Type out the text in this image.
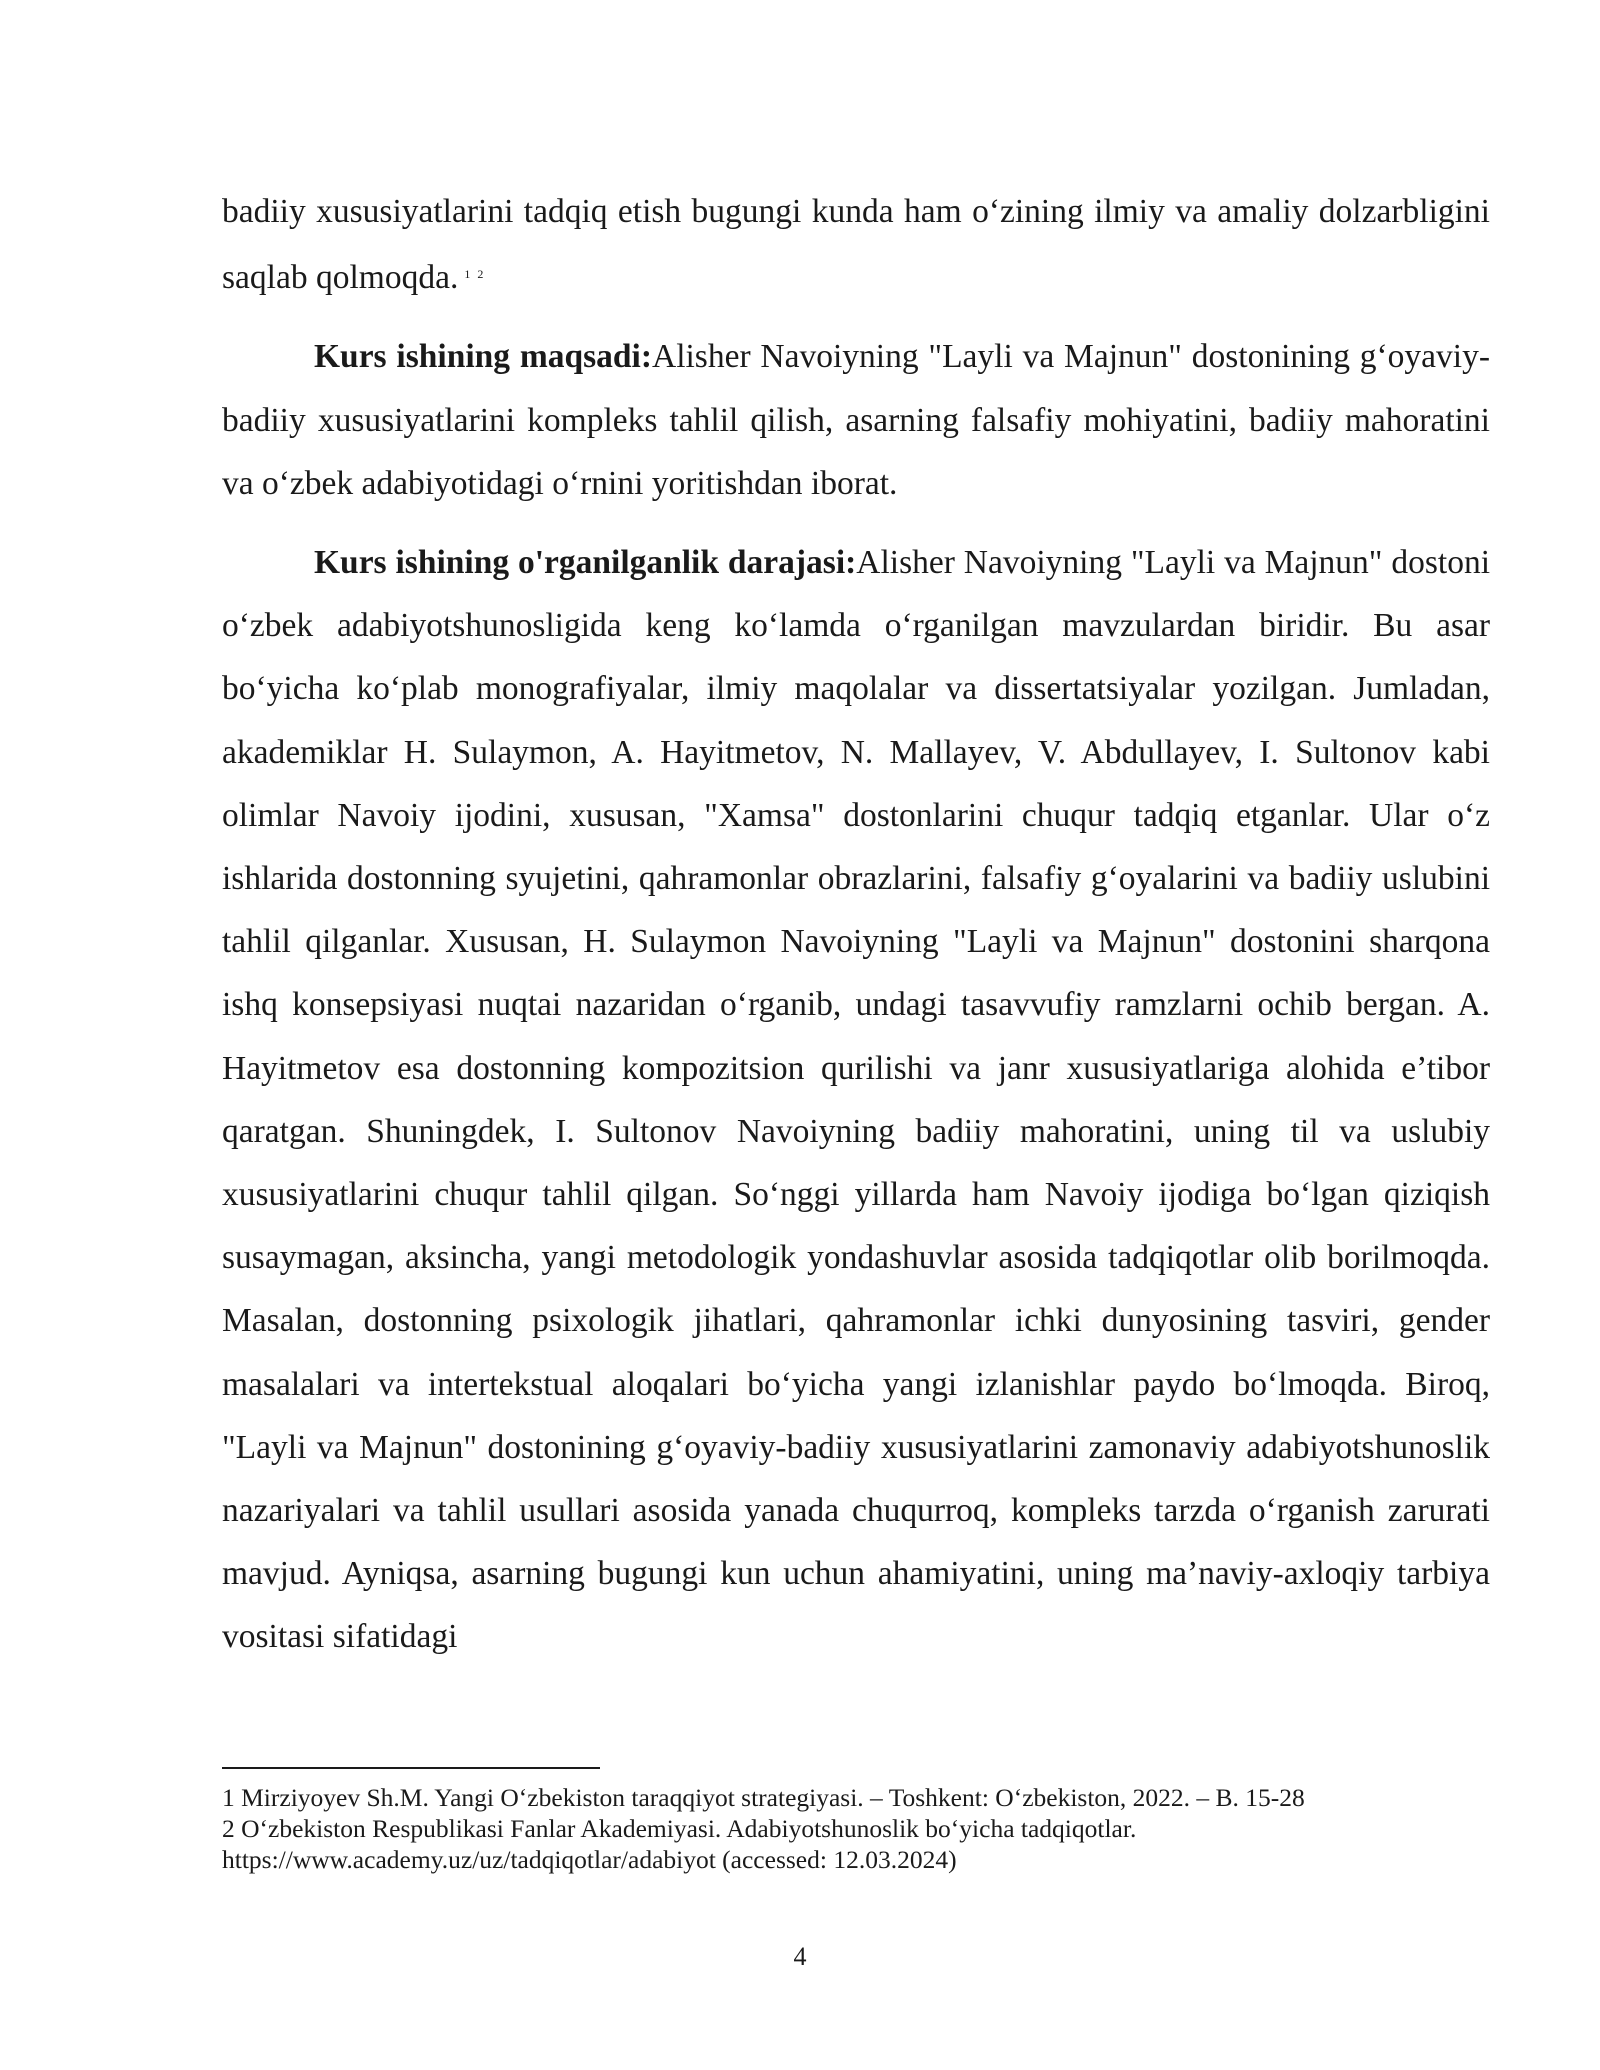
badiiy xususiyatlarini tadqiq etish bugungi kunda ham o‘zining ilmiy va amaliy dolzarbligini saqlab qolmoqda. $^{1 2}$

Kurs ishining maqsadi:Alisher Navoiyning "Layli va Majnun" dostonining g‘oyaviy-badiiy xususiyatlarini kompleks tahlil qilish, asarning falsafiy mohiyatini, badiiy mahoratini va o‘zbek adabiyotidagi o‘rnini yoritishdan iborat.

Kurs ishining o'rganilganlik darajasi:Alisher Navoiyning "Layli va Majnun" dostoni o‘zbek adabiyotshunosligida keng ko‘lamda o‘rganilgan mavzulardan biridir. Bu asar bo‘yicha ko‘plab monografiyalar, ilmiy maqolalar va dissertatsiyalar yozilgan. Jumladan, akademiklar H. Sulaymon, A. Hayitmetov, N. Mallayev, V. Abdullayev, I. Sultonov kabi olimlar Navoiy ijodini, xususan, "Xamsa" dostonlarini chuqur tadqiq etganlar. Ular o‘z ishlarida dostonning syujetini, qahramonlar obrazlarini, falsafiy g‘oyalarini va badiiy uslubini tahlil qilganlar. Xususan, H. Sulaymon Navoiyning "Layli va Majnun" dostonini sharqona ishq konsepsiyasi nuqtai nazaridan o‘rganib, undagi tasavvufiy ramzlarni ochib bergan. A. Hayitmetov esa dostonning kompozitsion qurilishi va janr xususiyatlariga alohida e’tibor qaratgan. Shuningdek, I. Sultonov Navoiyning badiiy mahoratini, uning til va uslubiy xususiyatlarini chuqur tahlil qilgan. So‘nggi yillarda ham Navoiy ijodiga bo‘lgan qiziqish susaymagan, aksincha, yangi metodologik yondashuvlar asosida tadqiqotlar olib borilmoqda. Masalan, dostonning psixologik jihatlari, qahramonlar ichki dunyosining tasviri, gender masalalari va intertekstual aloqalari bo‘yicha yangi izlanishlar paydo bo‘lmoqda. Biroq, "Layli va Majnun" dostonining g‘oyaviy-badiiy xususiyatlarini zamonaviy adabiyotshunoslik nazariyalari va tahlil usullari asosida yanada chuqurroq, kompleks tarzda o‘rganish zarurati mavjud. Ayniqsa, asarning bugungi kun uchun ahamiyatini, uning ma’naviy-axloqiy tarbiya vositasi sifatidagi

1 Mirziyoyev Sh.M. Yangi O‘zbekiston taraqqiyot strategiyasi. – Toshkent: O‘zbekiston, 2022. – B. 15-28

2 O‘zbekiston Respublikasi Fanlar Akademiyasi. Adabiyotshunoslik bo‘yicha tadqiqotlar.

https://www.academy.uz/uz/tadqiqotlar/adabiyot (accessed: 12.03.2024)

4
